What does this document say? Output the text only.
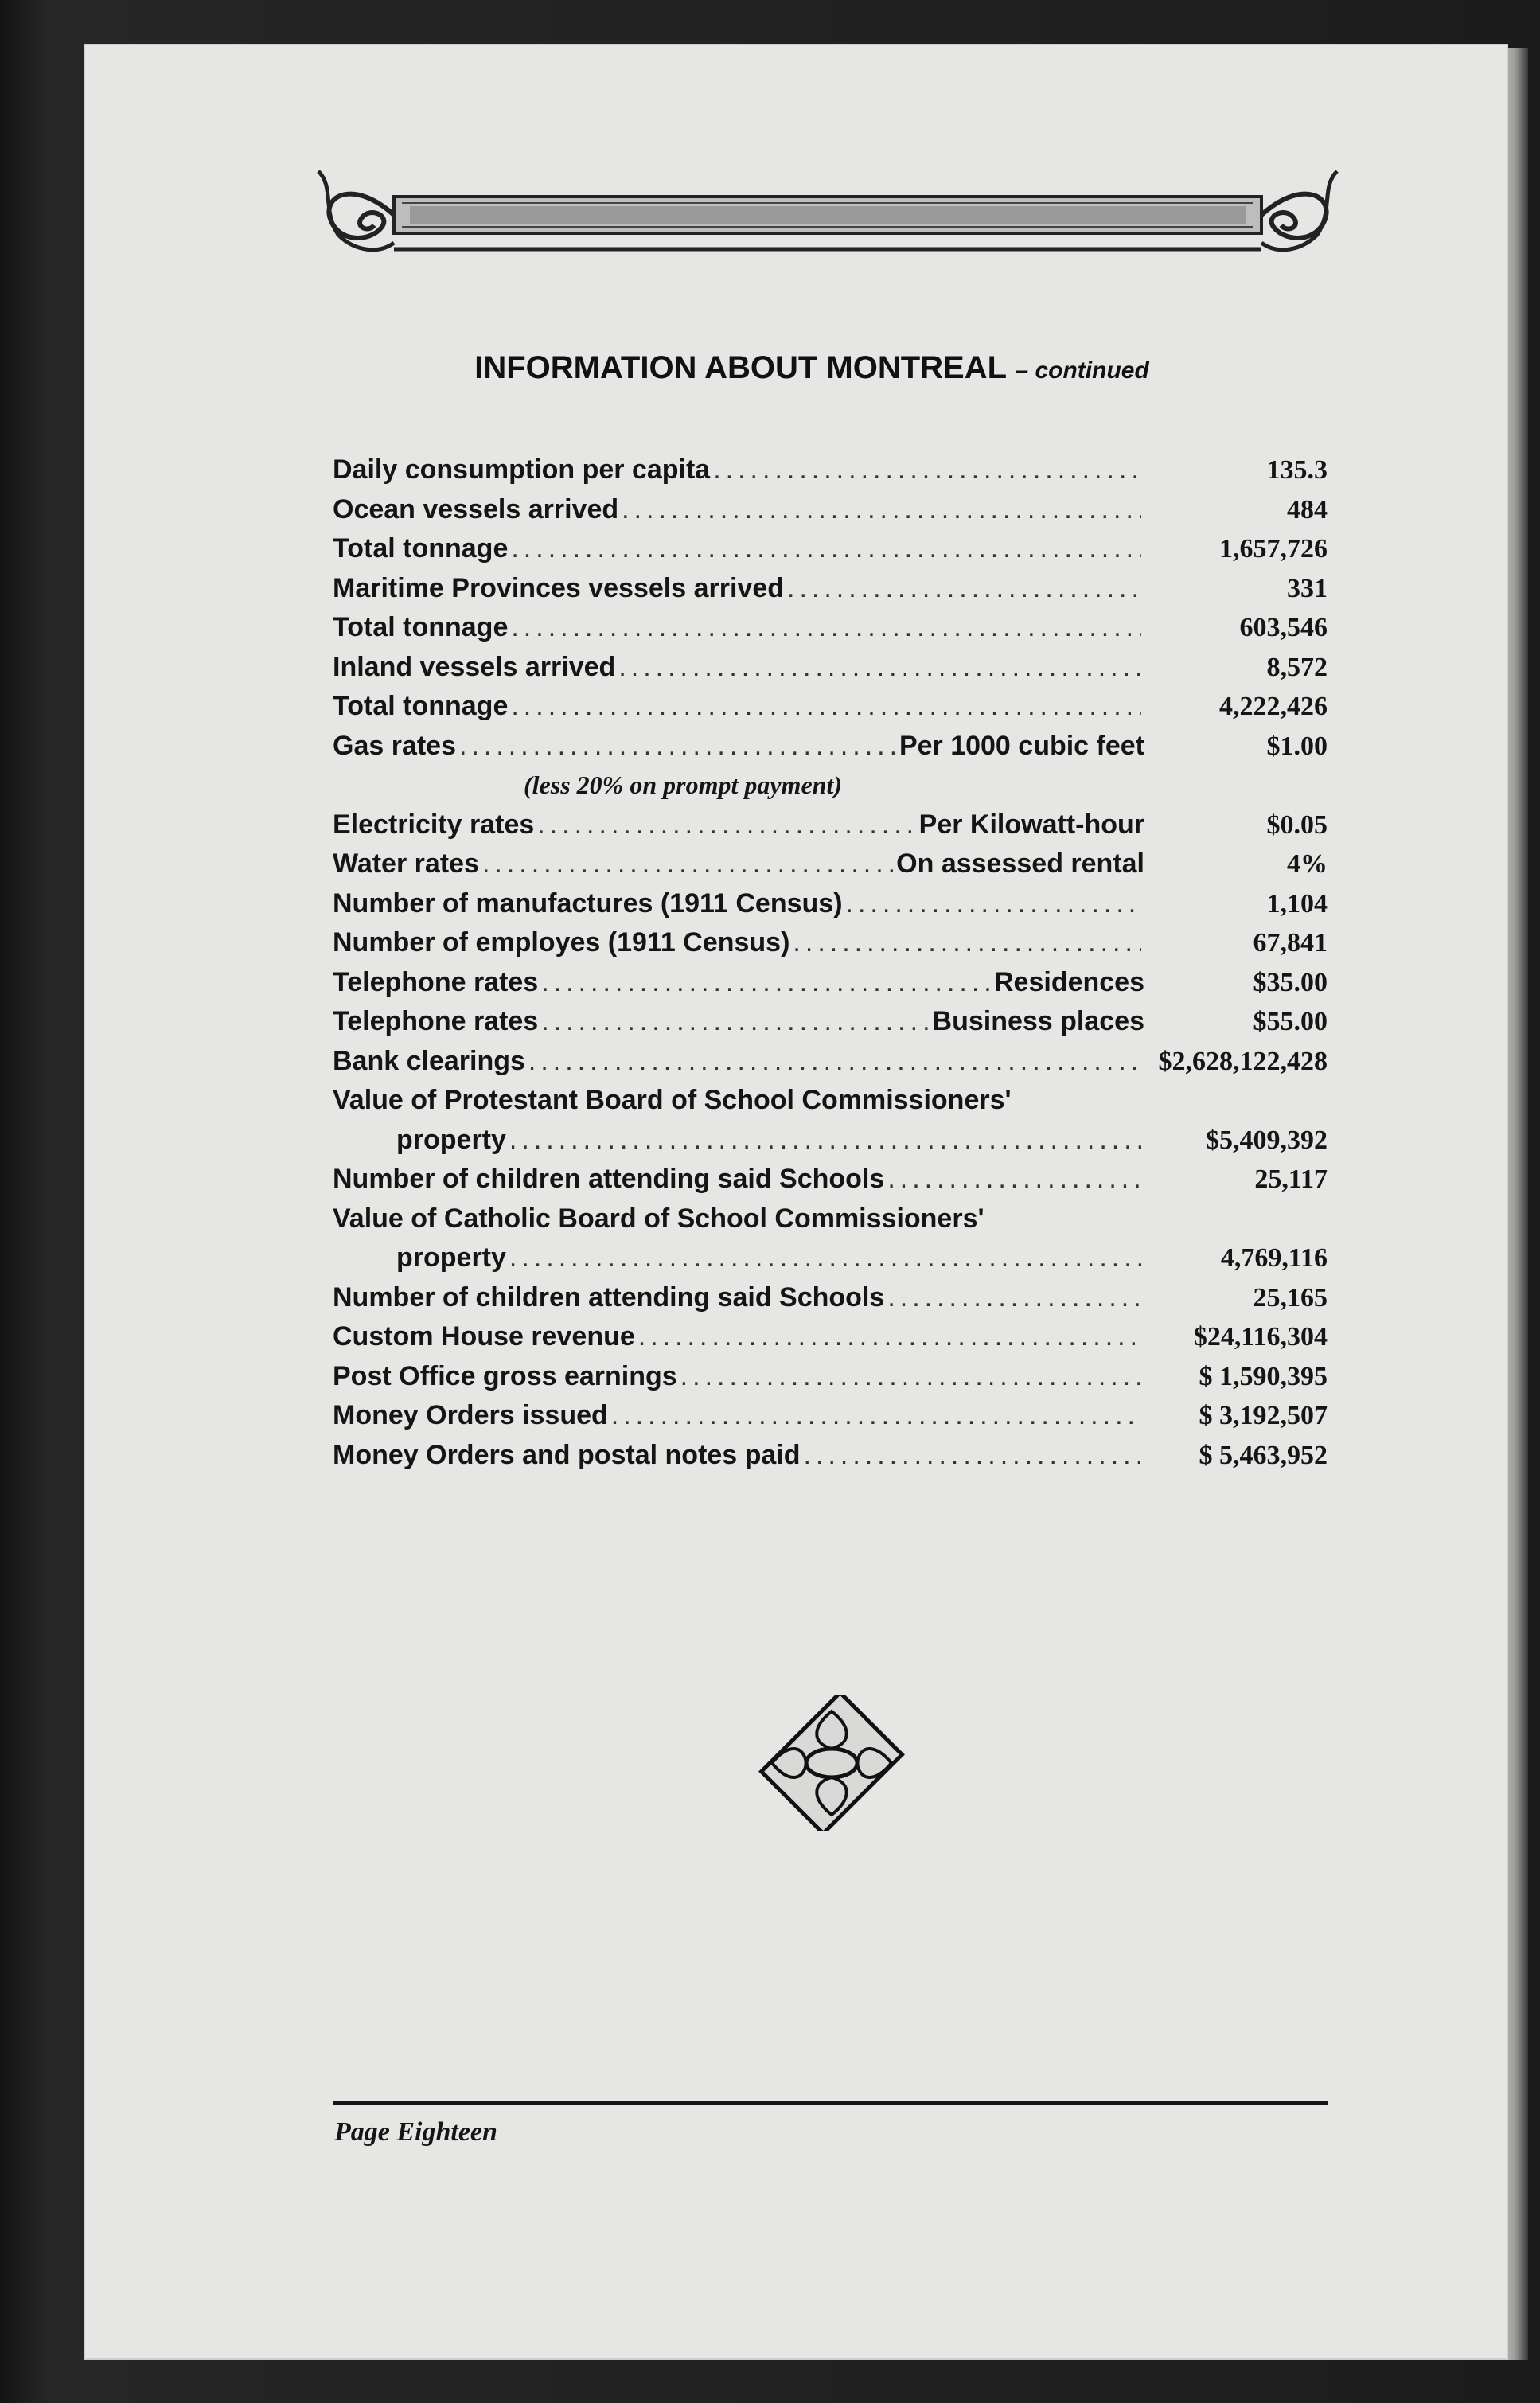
INFORMATION ABOUT MONTREAL – continued
Daily consumption per capita .....	135.3
Ocean vessels arrived .....	484
Total tonnage .....	1,657,726
Maritime Provinces vessels arrived .....	331
Total tonnage .....	603,546
Inland vessels arrived .....	8,572
Total tonnage .....	4,222,426
Gas rates .....	Per 1000 cubic feet	$1.00
(less 20% on prompt payment)
Electricity rates .....	Per Kilowatt-hour	$0.05
Water rates .....	On assessed rental	4%
Number of manufactures (1911 Census) .....	1,104
Number of employes (1911 Census) .....	67,841
Telephone rates .....	Residences	$35.00
Telephone rates .....	Business places	$55.00
Bank clearings .....	$2,628,122,428
Value of Protestant Board of School Commissioners'
property .....	$5,409,392
Number of children attending said Schools .....	25,117
Value of Catholic Board of School Commissioners'
property .....	4,769,116
Number of children attending said Schools .....	25,165
Custom House revenue .....	$24,116,304
Post Office gross earnings .....	$ 1,590,395
Money Orders issued .....	$ 3,192,507
Money Orders and postal notes paid .....	$ 5,463,952
Page Eighteen
